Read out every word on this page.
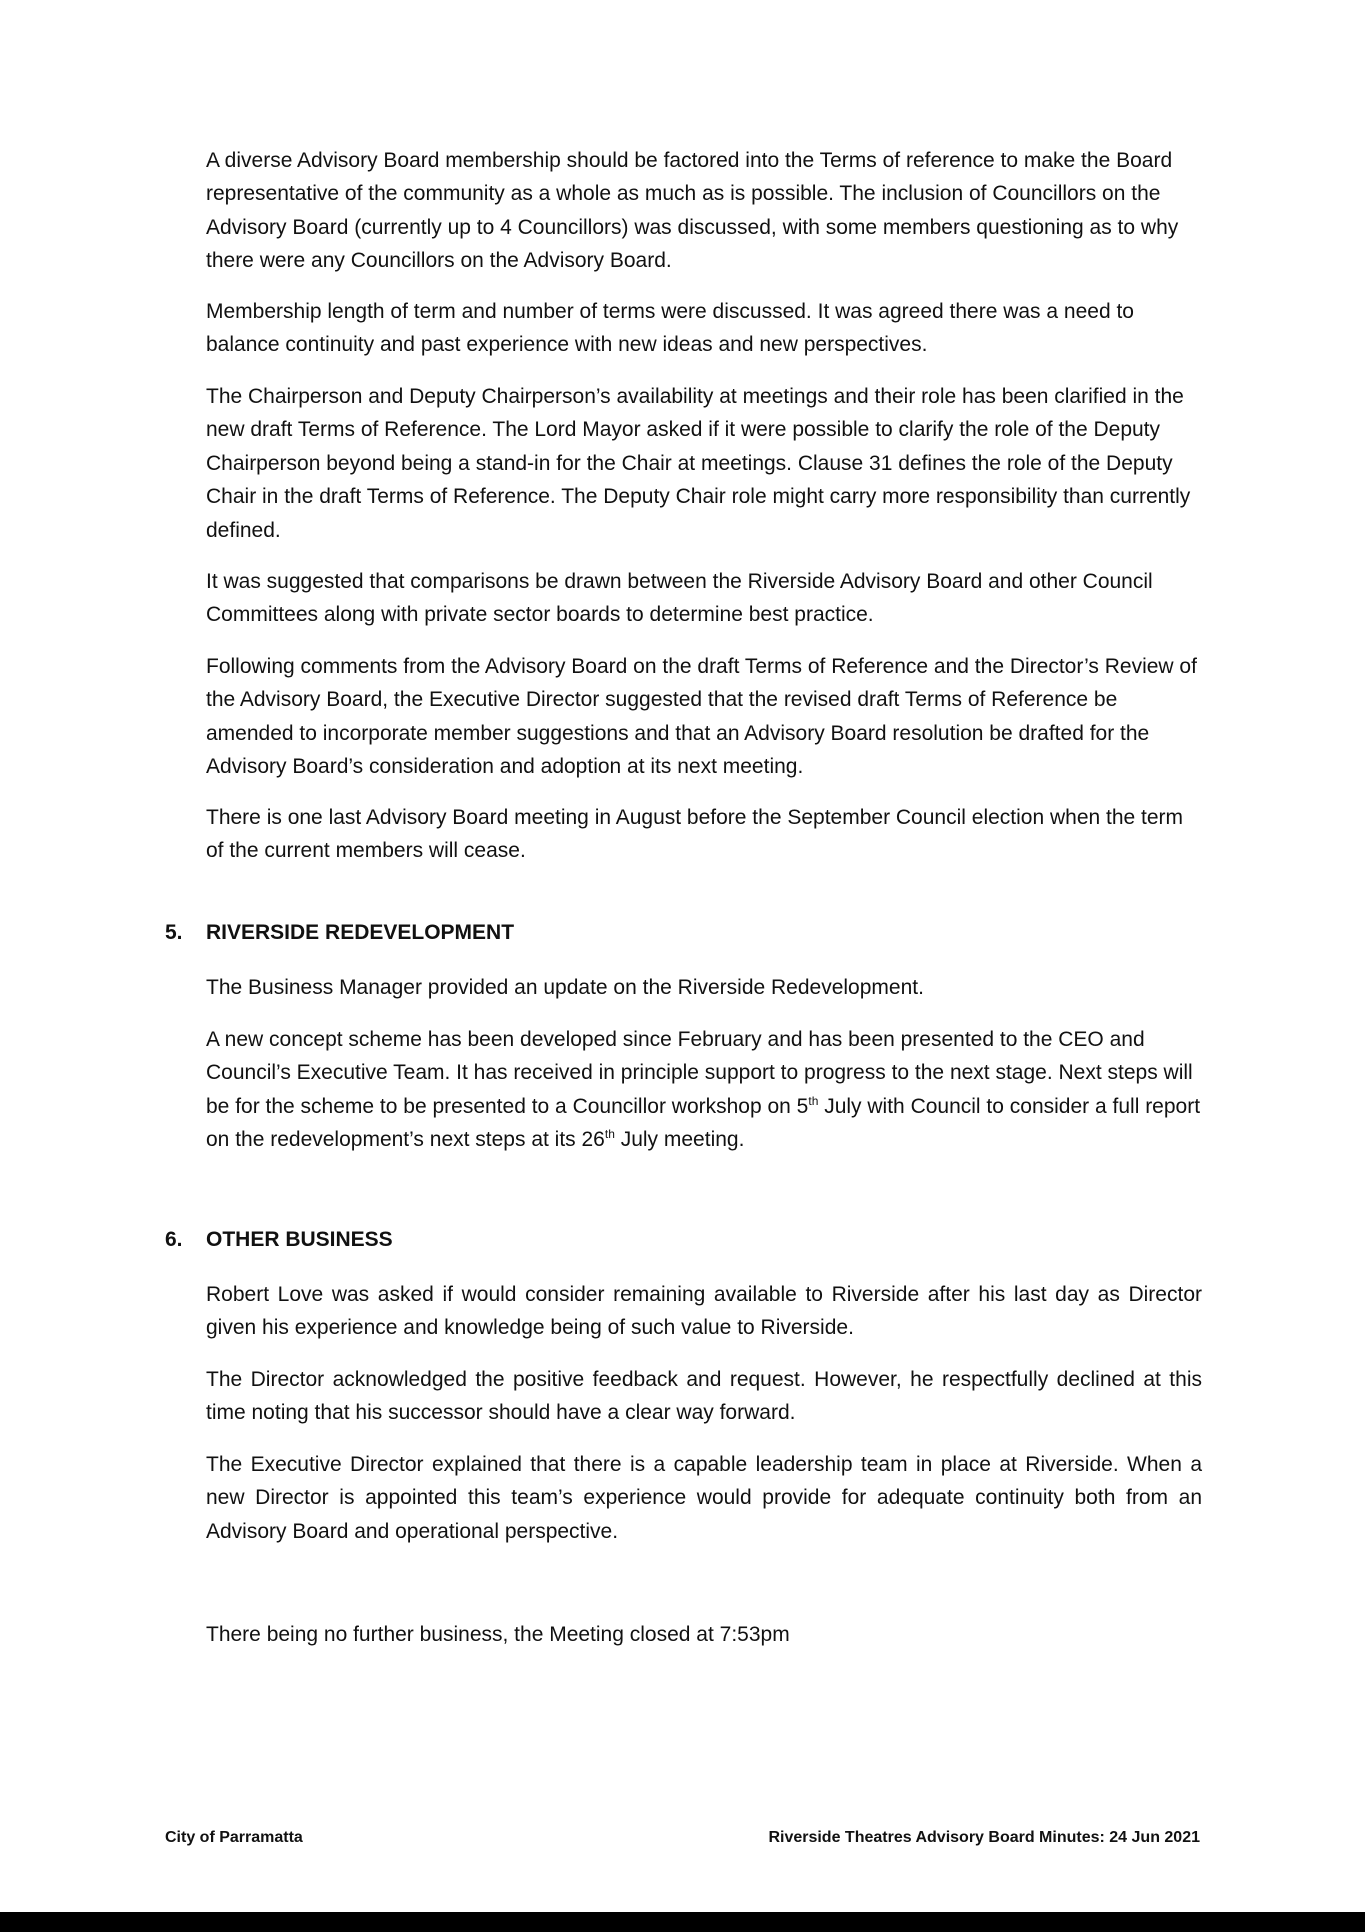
A diverse Advisory Board membership should be factored into the Terms of reference to make the Board representative of the community as a whole as much as is possible. The inclusion of Councillors on the Advisory Board (currently up to 4 Councillors) was discussed, with some members questioning as to why there were any Councillors on the Advisory Board.

Membership length of term and number of terms were discussed. It was agreed there was a need to balance continuity and past experience with new ideas and new perspectives.

The Chairperson and Deputy Chairperson’s availability at meetings and their role has been clarified in the new draft Terms of Reference. The Lord Mayor asked if it were possible to clarify the role of the Deputy Chairperson beyond being a stand-in for the Chair at meetings. Clause 31 defines the role of the Deputy Chair in the draft Terms of Reference. The Deputy Chair role might carry more responsibility than currently defined.

It was suggested that comparisons be drawn between the Riverside Advisory Board and other Council Committees along with private sector boards to determine best practice.

Following comments from the Advisory Board on the draft Terms of Reference and the Director’s Review of the Advisory Board, the Executive Director suggested that the revised draft Terms of Reference be amended to incorporate member suggestions and that an Advisory Board resolution be drafted for the Advisory Board’s consideration and adoption at its next meeting.

There is one last Advisory Board meeting in August before the September Council election when the term of the current members will cease.

5. RIVERSIDE REDEVELOPMENT

The Business Manager provided an update on the Riverside Redevelopment.

A new concept scheme has been developed since February and has been presented to the CEO and Council’s Executive Team. It has received in principle support to progress to the next stage. Next steps will be for the scheme to be presented to a Councillor workshop on 5th July with Council to consider a full report on the redevelopment’s next steps at its 26th July meeting.

6. OTHER BUSINESS

Robert Love was asked if would consider remaining available to Riverside after his last day as Director given his experience and knowledge being of such value to Riverside.

The Director acknowledged the positive feedback and request. However, he respectfully declined at this time noting that his successor should have a clear way forward.

The Executive Director explained that there is a capable leadership team in place at Riverside. When a new Director is appointed this team’s experience would provide for adequate continuity both from an Advisory Board and operational perspective.

There being no further business, the Meeting closed at 7:53pm

City of Parramatta	Riverside Theatres Advisory Board Minutes: 24 Jun 2021
